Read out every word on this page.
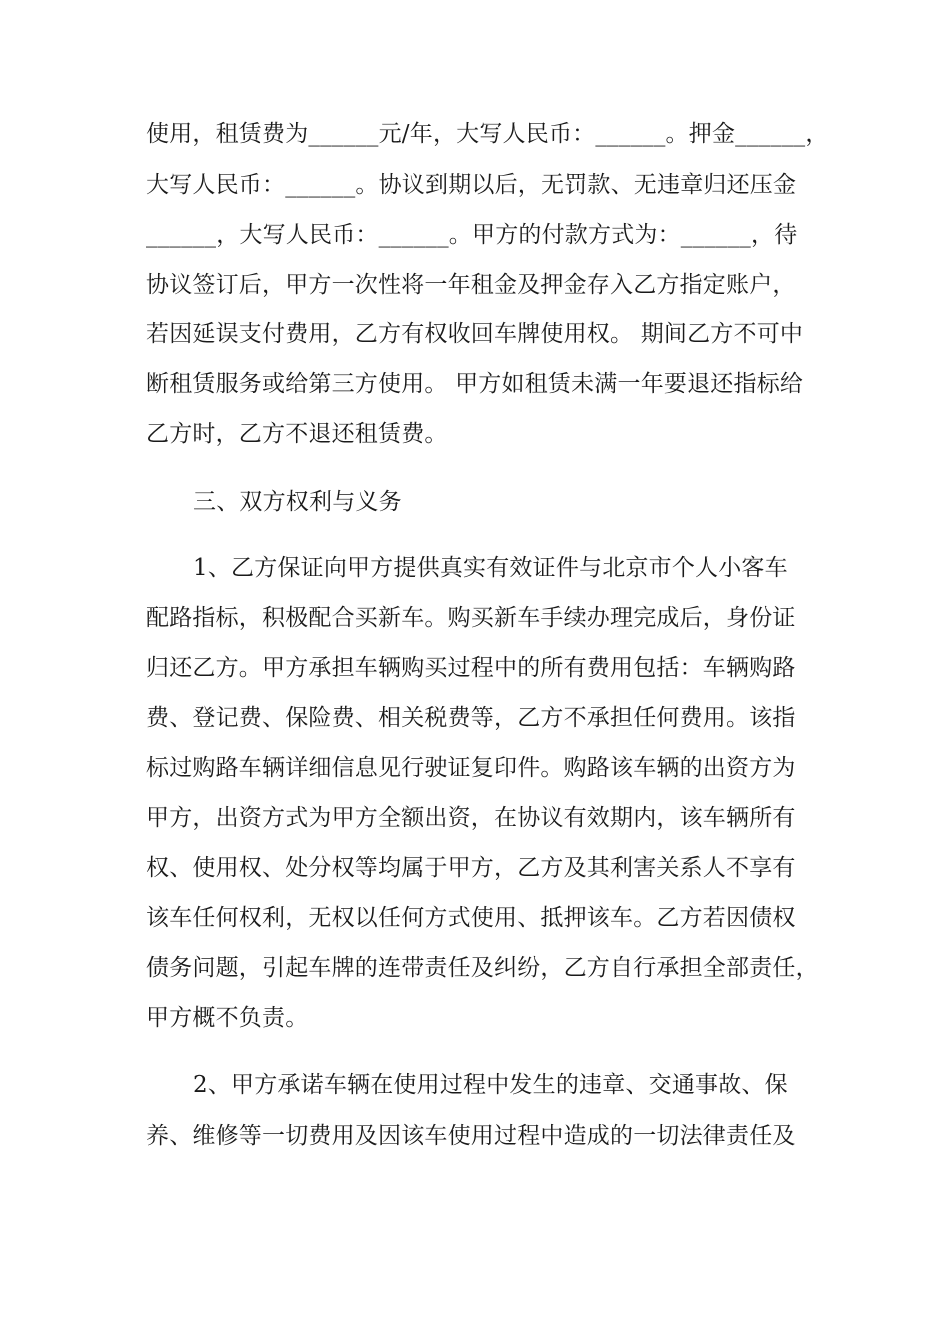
使用，租赁费为______元/年，大写人民币：______。押金______，

大写人民币：______。协议到期以后，无罚款、无违章归还压金

______，大写人民币：______。甲方的付款方式为：______，待

协议签订后，甲方一次性将一年租金及押金存入乙方指定账户，

若因延误支付费用，乙方有权收回车牌使用权。 期间乙方不可中

断租赁服务或给第三方使用。 甲方如租赁未满一年要退还指标给

乙方时，乙方不退还租赁费。

三、双方权利与义务

1、乙方保证向甲方提供真实有效证件与北京市个人小客车

配路指标，积极配合买新车。购买新车手续办理完成后，身份证

归还乙方。甲方承担车辆购买过程中的所有费用包括：车辆购路

费、登记费、保险费、相关税费等，乙方不承担任何费用。该指

标过购路车辆详细信息见行驶证复印件。购路该车辆的出资方为

甲方，出资方式为甲方全额出资，在协议有效期内，该车辆所有

权、使用权、处分权等均属于甲方，乙方及其利害关系人不享有

该车任何权利，无权以任何方式使用、抵押该车。乙方若因债权

债务问题，引起车牌的连带责任及纠纷，乙方自行承担全部责任，

甲方概不负责。

2、甲方承诺车辆在使用过程中发生的违章、交通事故、保

养、维修等一切费用及因该车使用过程中造成的一切法律责任及
